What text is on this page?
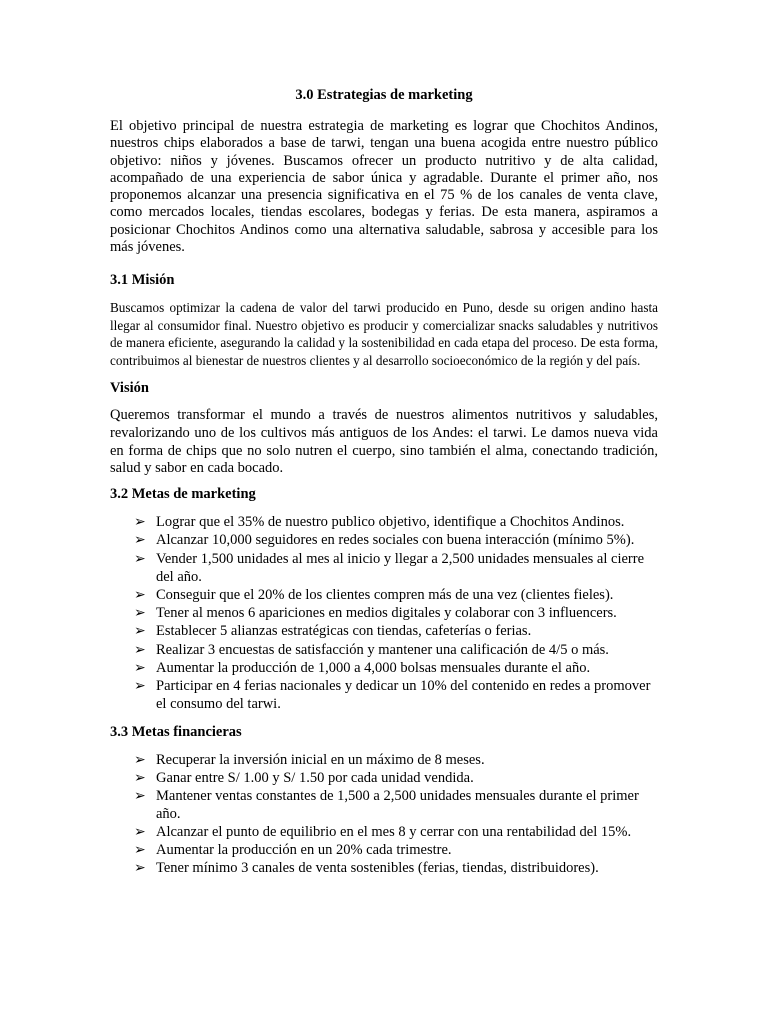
3.0 Estrategias de marketing

El objetivo principal de nuestra estrategia de marketing es lograr que Chochitos Andinos, nuestros chips elaborados a base de tarwi, tengan una buena acogida entre nuestro público objetivo: niños y jóvenes. Buscamos ofrecer un producto nutritivo y de alta calidad, acompañado de una experiencia de sabor única y agradable. Durante el primer año, nos proponemos alcanzar una presencia significativa en el 75 % de los canales de venta clave, como mercados locales, tiendas escolares, bodegas y ferias. De esta manera, aspiramos a posicionar Chochitos Andinos como una alternativa saludable, sabrosa y accesible para los más jóvenes.

3.1 Misión

Buscamos optimizar la cadena de valor del tarwi producido en Puno, desde su origen andino hasta llegar al consumidor final. Nuestro objetivo es producir y comercializar snacks saludables y nutritivos de manera eficiente, asegurando la calidad y la sostenibilidad en cada etapa del proceso. De esta forma, contribuimos al bienestar de nuestros clientes y al desarrollo socioeconómico de la región y del país.

Visión

Queremos transformar el mundo a través de nuestros alimentos nutritivos y saludables, revalorizando uno de los cultivos más antiguos de los Andes: el tarwi. Le damos nueva vida en forma de chips que no solo nutren el cuerpo, sino también el alma, conectando tradición, salud y sabor en cada bocado.

3.2 Metas de marketing
➢ Lograr que el 35% de nuestro publico objetivo, identifique a Chochitos Andinos.
➢ Alcanzar 10,000 seguidores en redes sociales con buena interacción (mínimo 5%).
➢ Vender 1,500 unidades al mes al inicio y llegar a 2,500 unidades mensuales al cierre del año.
➢ Conseguir que el 20% de los clientes compren más de una vez (clientes fieles).
➢ Tener al menos 6 apariciones en medios digitales y colaborar con 3 influencers.
➢ Establecer 5 alianzas estratégicas con tiendas, cafeterías o ferias.
➢ Realizar 3 encuestas de satisfacción y mantener una calificación de 4/5 o más.
➢ Aumentar la producción de 1,000 a 4,000 bolsas mensuales durante el año.
➢ Participar en 4 ferias nacionales y dedicar un 10% del contenido en redes a promover el consumo del tarwi.
3.3 Metas financieras
➢ Recuperar la inversión inicial en un máximo de 8 meses.
➢ Ganar entre S/ 1.00 y S/ 1.50 por cada unidad vendida.
➢ Mantener ventas constantes de 1,500 a 2,500 unidades mensuales durante el primer año.
➢ Alcanzar el punto de equilibrio en el mes 8 y cerrar con una rentabilidad del 15%.
➢ Aumentar la producción en un 20% cada trimestre.
➢ Tener mínimo 3 canales de venta sostenibles (ferias, tiendas, distribuidores).
